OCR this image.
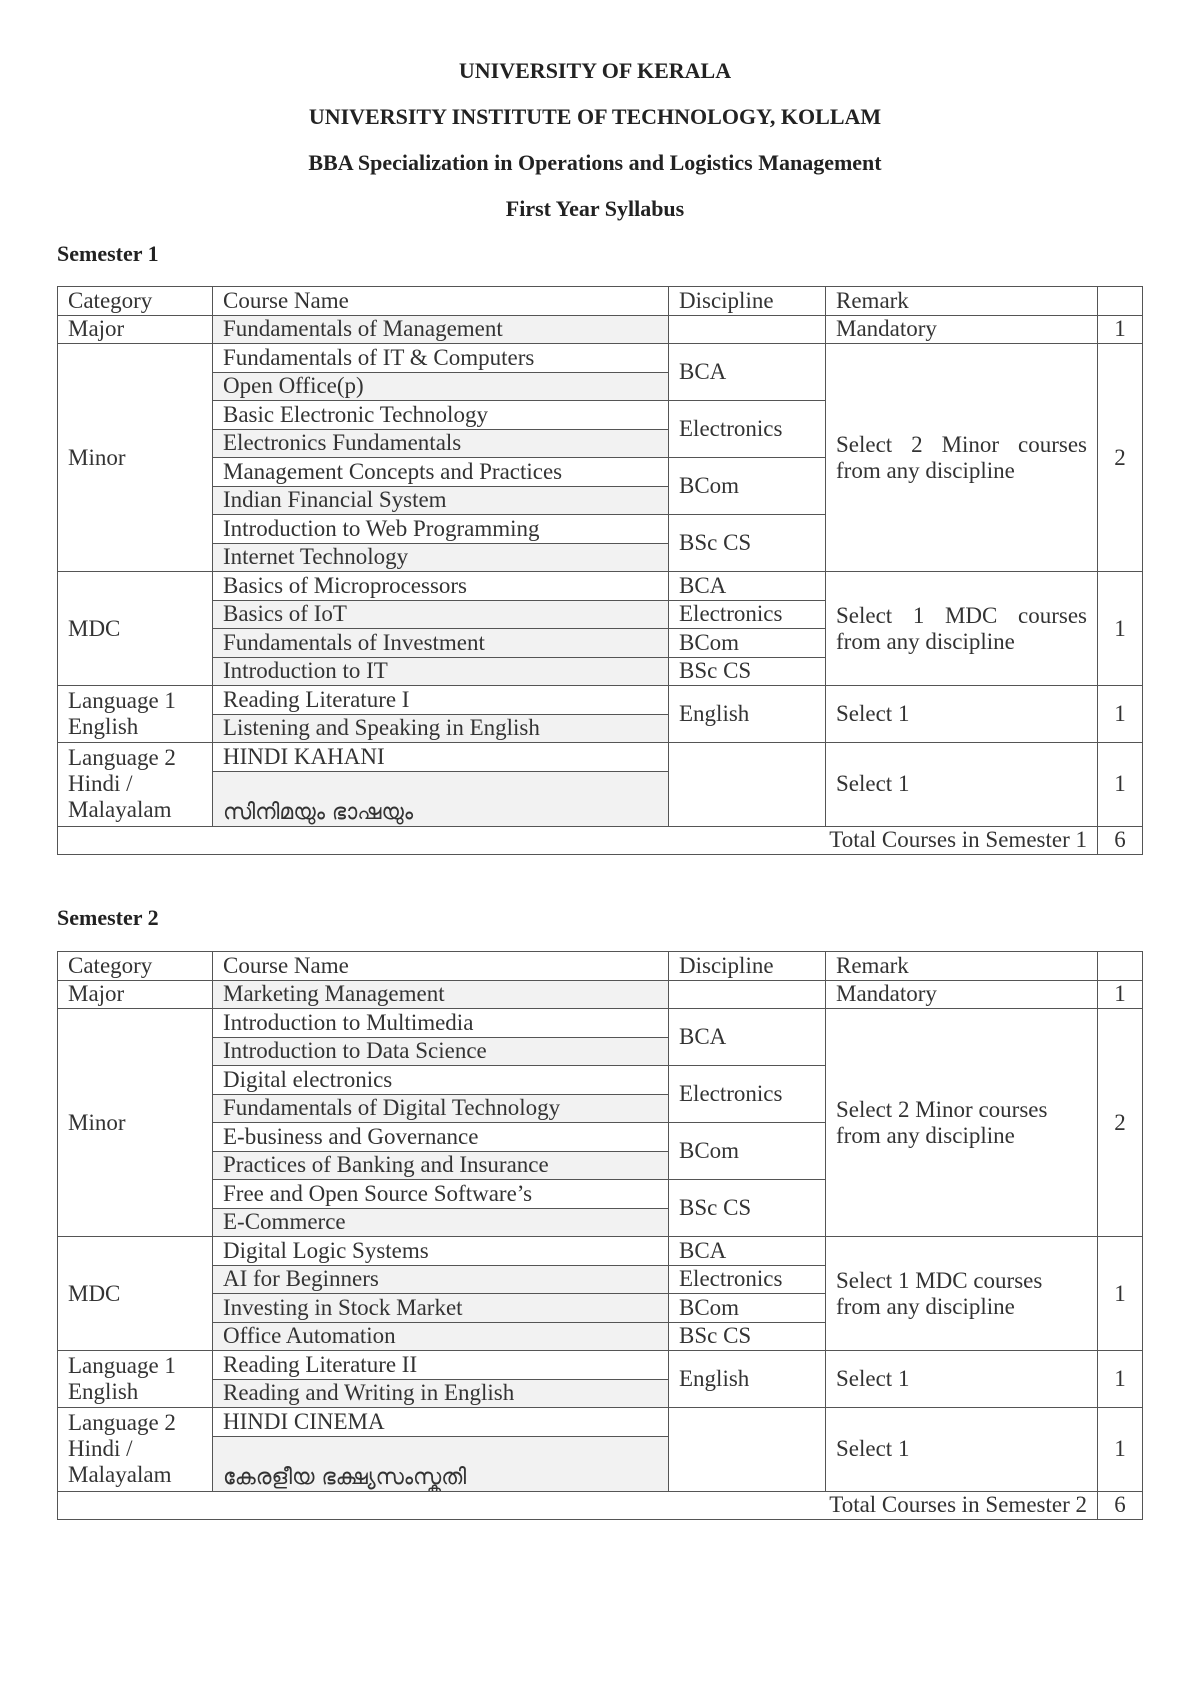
UNIVERSITY OF KERALA
UNIVERSITY INSTITUTE OF TECHNOLOGY, KOLLAM
BBA Specialization in Operations and Logistics Management
First Year Syllabus
Semester 1
Category	Course Name	Discipline	Remark	
Major	Fundamentals of Management		Mandatory	1
Minor	Fundamentals of IT & Computers	BCA	Select 2 Minor courses from any discipline	2
	Open Office(p)			
	Basic Electronic Technology	Electronics		
	Electronics Fundamentals			
	Management Concepts and Practices	BCom		
	Indian Financial System			
	Introduction to Web Programming	BSc CS		
	Internet Technology			
MDC	Basics of Microprocessors	BCA	Select 1 MDC courses from any discipline	1
	Basics of IoT	Electronics		
	Fundamentals of Investment	BCom		
	Introduction to IT	BSc CS		
Language 1 English	Reading Literature I	English	Select 1	1
	Listening and Speaking in English			
Language 2 Hindi / Malayalam	HINDI KAHANI		Select 1	1
	സിനിമയും ഭാഷയും			
Total Courses in Semester 1				6
Semester 2
Category	Course Name	Discipline	Remark	
Major	Marketing Management		Mandatory	1
Minor	Introduction to Multimedia	BCA	Select 2 Minor courses from any discipline	2
	Introduction to Data Science			
	Digital electronics	Electronics		
	Fundamentals of Digital Technology			
	E-business and Governance	BCom		
	Practices of Banking and Insurance			
	Free and Open Source Software’s	BSc CS		
	E-Commerce			
MDC	Digital Logic Systems	BCA	Select 1 MDC courses from any discipline	1
	AI for Beginners	Electronics		
	Investing in Stock Market	BCom		
	Office Automation	BSc CS		
Language 1 English	Reading Literature II	English	Select 1	1
	Reading and Writing in English			
Language 2 Hindi / Malayalam	HINDI CINEMA		Select 1	1
	കേരളീയ ഭക്ഷ്യസംസ്കൃതി			
Total Courses in Semester 2				6
